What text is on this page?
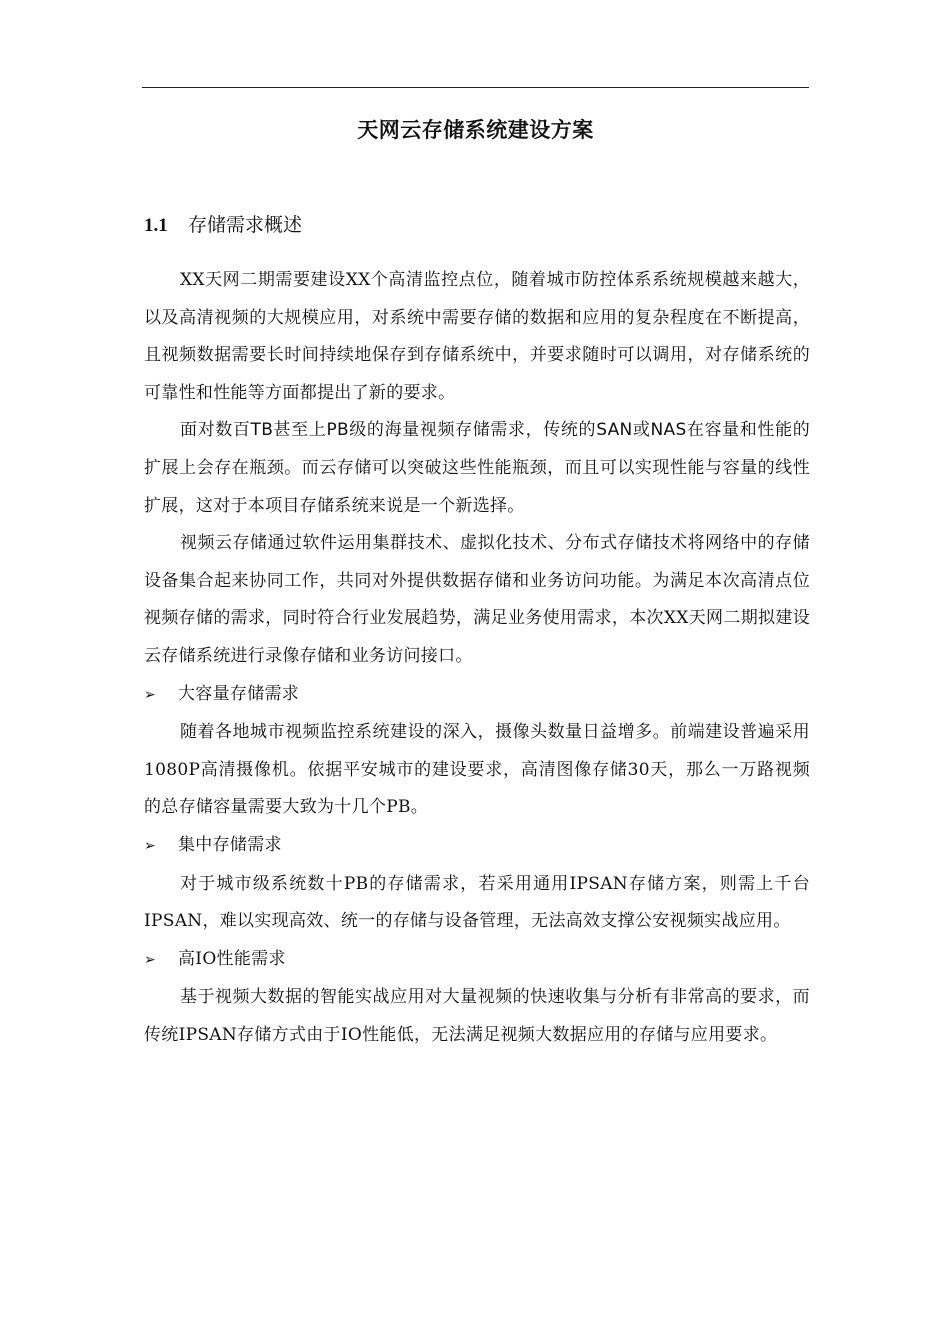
天网云存储系统建设方案
1.1 存储需求概述

XX天网二期需要建设XX个高清监控点位，随着城市防控体系系统规模越来越大，以及高清视频的大规模应用，对系统中需要存储的数据和应用的复杂程度在不断提高，且视频数据需要长时间持续地保存到存储系统中，并要求随时可以调用，对存储系统的可靠性和性能等方面都提出了新的要求。

面对数百TB甚至上PB级的海量视频存储需求，传统的SAN或NAS在容量和性能的扩展上会存在瓶颈。而云存储可以突破这些性能瓶颈，而且可以实现性能与容量的线性扩展，这对于本项目存储系统来说是一个新选择。

视频云存储通过软件运用集群技术、虚拟化技术、分布式存储技术将网络中的存储设备集合起来协同工作，共同对外提供数据存储和业务访问功能。为满足本次高清点位视频存储的需求，同时符合行业发展趋势，满足业务使用需求，本次XX天网二期拟建设云存储系统进行录像存储和业务访问接口。

➢ 大容量存储需求

随着各地城市视频监控系统建设的深入，摄像头数量日益增多。前端建设普遍采用1080P高清摄像机。依据平安城市的建设要求，高清图像存储30天，那么一万路视频的总存储容量需要大致为十几个PB。

➢ 集中存储需求

对于城市级系统数十PB的存储需求，若采用通用IPSAN存储方案，则需上千台IPSAN，难以实现高效、统一的存储与设备管理，无法高效支撑公安视频实战应用。

➢ 高IO性能需求

基于视频大数据的智能实战应用对大量视频的快速收集与分析有非常高的要求，而传统IPSAN存储方式由于IO性能低，无法满足视频大数据应用的存储与应用要求。
